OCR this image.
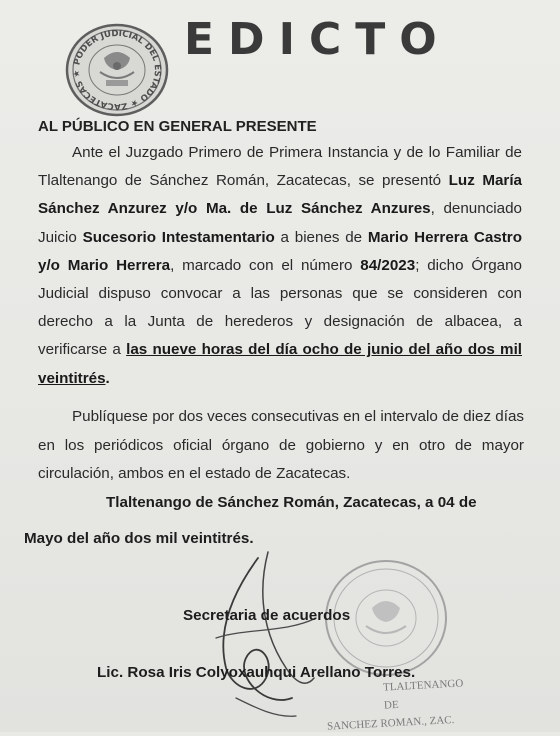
PODER JUDICIAL DEL ESTADO ★ ZACATECAS ★
EDICTO
AL PÚBLICO EN GENERAL PRESENTE
Ante el Juzgado Primero de Primera Instancia y de lo Familiar de Tlaltenango de Sánchez Román, Zacatecas, se presentó Luz María Sánchez Anzurez y/o Ma. de Luz Sánchez Anzures, denunciado Juicio Sucesorio Intestamentario a bienes de Mario Herrera Castro y/o Mario Herrera, marcado con el número 84/2023; dicho Órgano Judicial dispuso convocar a las personas que se consideren con derecho a la Junta de herederos y designación de albacea, a verificarse a las nueve horas del día ocho de junio del año dos mil veintitrés.
Publíquese por dos veces consecutivas en el intervalo de diez días en los periódicos oficial órgano de gobierno y en otro de mayor circulación, ambos en el estado de Zacatecas.
Tlaltenango de Sánchez Román, Zacatecas, a 04 de
Mayo del año dos mil veintitrés.
Secretaria de acuerdos
Lic. Rosa Iris Colyoxauhqui Arellano Torres.
TLALTENANGO DE
SANCHEZ ROMAN., ZAC.
